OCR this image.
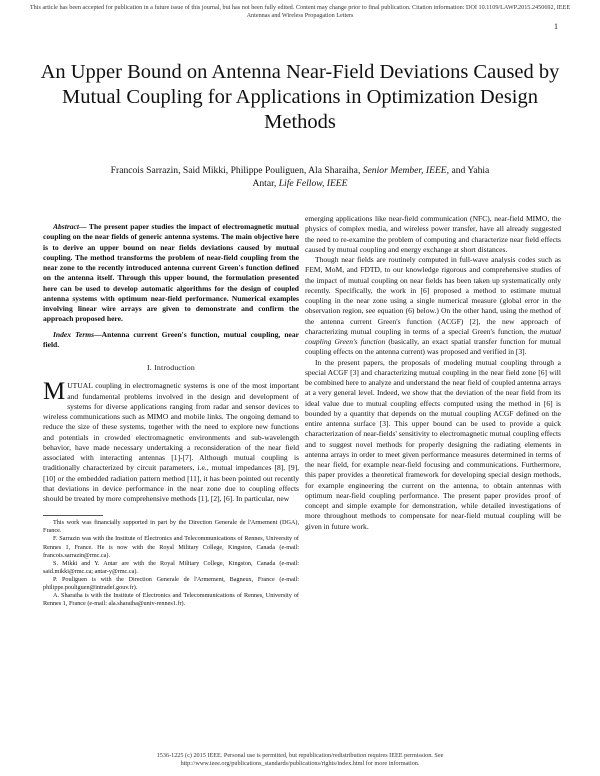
This article has been accepted for publication in a future issue of this journal, but has not been fully edited. Content may change prior to final publication. Citation information: DOI 10.1109/LAWP.2015.2450692, IEEE Antennas and Wireless Propagation Letters
1
An Upper Bound on Antenna Near-Field Deviations Caused by Mutual Coupling for Applications in Optimization Design Methods
Francois Sarrazin, Said Mikki, Philippe Pouliguen, Ala Sharaiha, Senior Member, IEEE, and Yahia
Antar, Life Fellow, IEEE

Abstract— The present paper studies the impact of electromagnetic mutual coupling on the near fields of generic antenna systems. The main objective here is to derive an upper bound on near fields deviations caused by mutual coupling. The method transforms the problem of near-field coupling from the near zone to the recently introduced antenna current Green's function defined on the antenna itself. Through this upper bound, the formulation presented here can be used to develop automatic algorithms for the design of coupled antenna systems with optimum near-field performance. Numerical examples involving linear wire arrays are given to demonstrate and confirm the approach proposed here.

Index Terms—Antenna current Green's function, mutual coupling, near field.

I. Introduction

MUTUAL coupling in electromagnetic systems is one of the most important and fundamental problems involved in the design and development of systems for diverse applications ranging from radar and sensor devices to wireless communications such as MIMO and mobile links. The ongoing demand to reduce the size of these systems, together with the need to explore new functions and potentials in crowded electromagnetic environments and sub-wavelength behavior, have made necessary undertaking a reconsideration of the near field associated with interacting antennas [1]-[7]. Although mutual coupling is traditionally characterized by circuit parameters, i.e., mutual impedances [8], [9], [10] or the embedded radiation pattern method [11], it has been pointed out recently that deviations in device performance in the near zone due to coupling effects should be treated by more comprehensive methods [1], [2], [6]. In particular, new

This work was financially supported in part by the Direction Generale de l'Armement (DGA), France.

F. Sarrazin was with the Institute of Electronics and Telecommunications of Rennes, University of Rennes 1, France. He is now with the Royal Military College, Kingston, Canada (e-mail: francois.sarrazin@rmc.ca).

S. Mikki and Y. Antar are with the Royal Military College, Kingston, Canada (e-mail: said.mikki@rmc.ca; antar-y@rmc.ca).

P. Pouliguen is with the Direction Generale de l'Armement, Bagneux, France (e-mail: philippe.pouliguen@intradef.gouv.fr).

A. Sharaiha is with the Institute of Electronics and Telecommunications of Rennes, University of Rennes 1, France (e-mail: ala.sharaiha@univ-rennes1.fr).

emerging applications like near-field communication (NFC), near-field MIMO, the physics of complex media, and wireless power transfer, have all already suggested the need to re-examine the problem of computing and characterize near field effects caused by mutual coupling and energy exchange at short distances.

Though near fields are routinely computed in full-wave analysis codes such as FEM, MoM, and FDTD, to our knowledge rigorous and comprehensive studies of the impact of mutual coupling on near fields has been taken up systematically only recently. Specifically, the work in [6] proposed a method to estimate mutual coupling in the near zone using a single numerical measure (global error in the observation region, see equation (6) below.) On the other hand, using the method of the antenna current Green's function (ACGF) [2], the new approach of characterizing mutual coupling in terms of a special Green's function, the mutual coupling Green's function (basically, an exact spatial transfer function for mutual coupling effects on the antenna current) was proposed and verified in [3].

In the present papers, the proposals of modeling mutual coupling through a special ACGF [3] and characterizing mutual coupling in the near field zone [6] will be combined here to analyze and understand the near field of coupled antenna arrays at a very general level. Indeed, we show that the deviation of the near field from its ideal value due to mutual coupling effects computed using the method in [6] is bounded by a quantity that depends on the mutual coupling ACGF defined on the entire antenna surface [3]. This upper bound can be used to provide a quick characterization of near-fields' sensitivity to electromagnetic mutual coupling effects and to suggest novel methods for properly designing the radiating elements in antenna arrays in order to meet given performance measures determined in terms of the near field, for example near-field focusing and communications. Furthermore, this paper provides a theoretical framework for developing special design methods, for example engineering the current on the antenna, to obtain antennas with optimum near-field coupling performance. The present paper provides proof of concept and simple example for demonstration, while detailed investigations of more throughout methods to compensate for near-field mutual coupling will be given in future work.

1536-1225 (c) 2015 IEEE. Personal use is permitted, but republication/redistribution requires IEEE permission. See
http://www.ieee.org/publications_standards/publications/rights/index.html for more information.
